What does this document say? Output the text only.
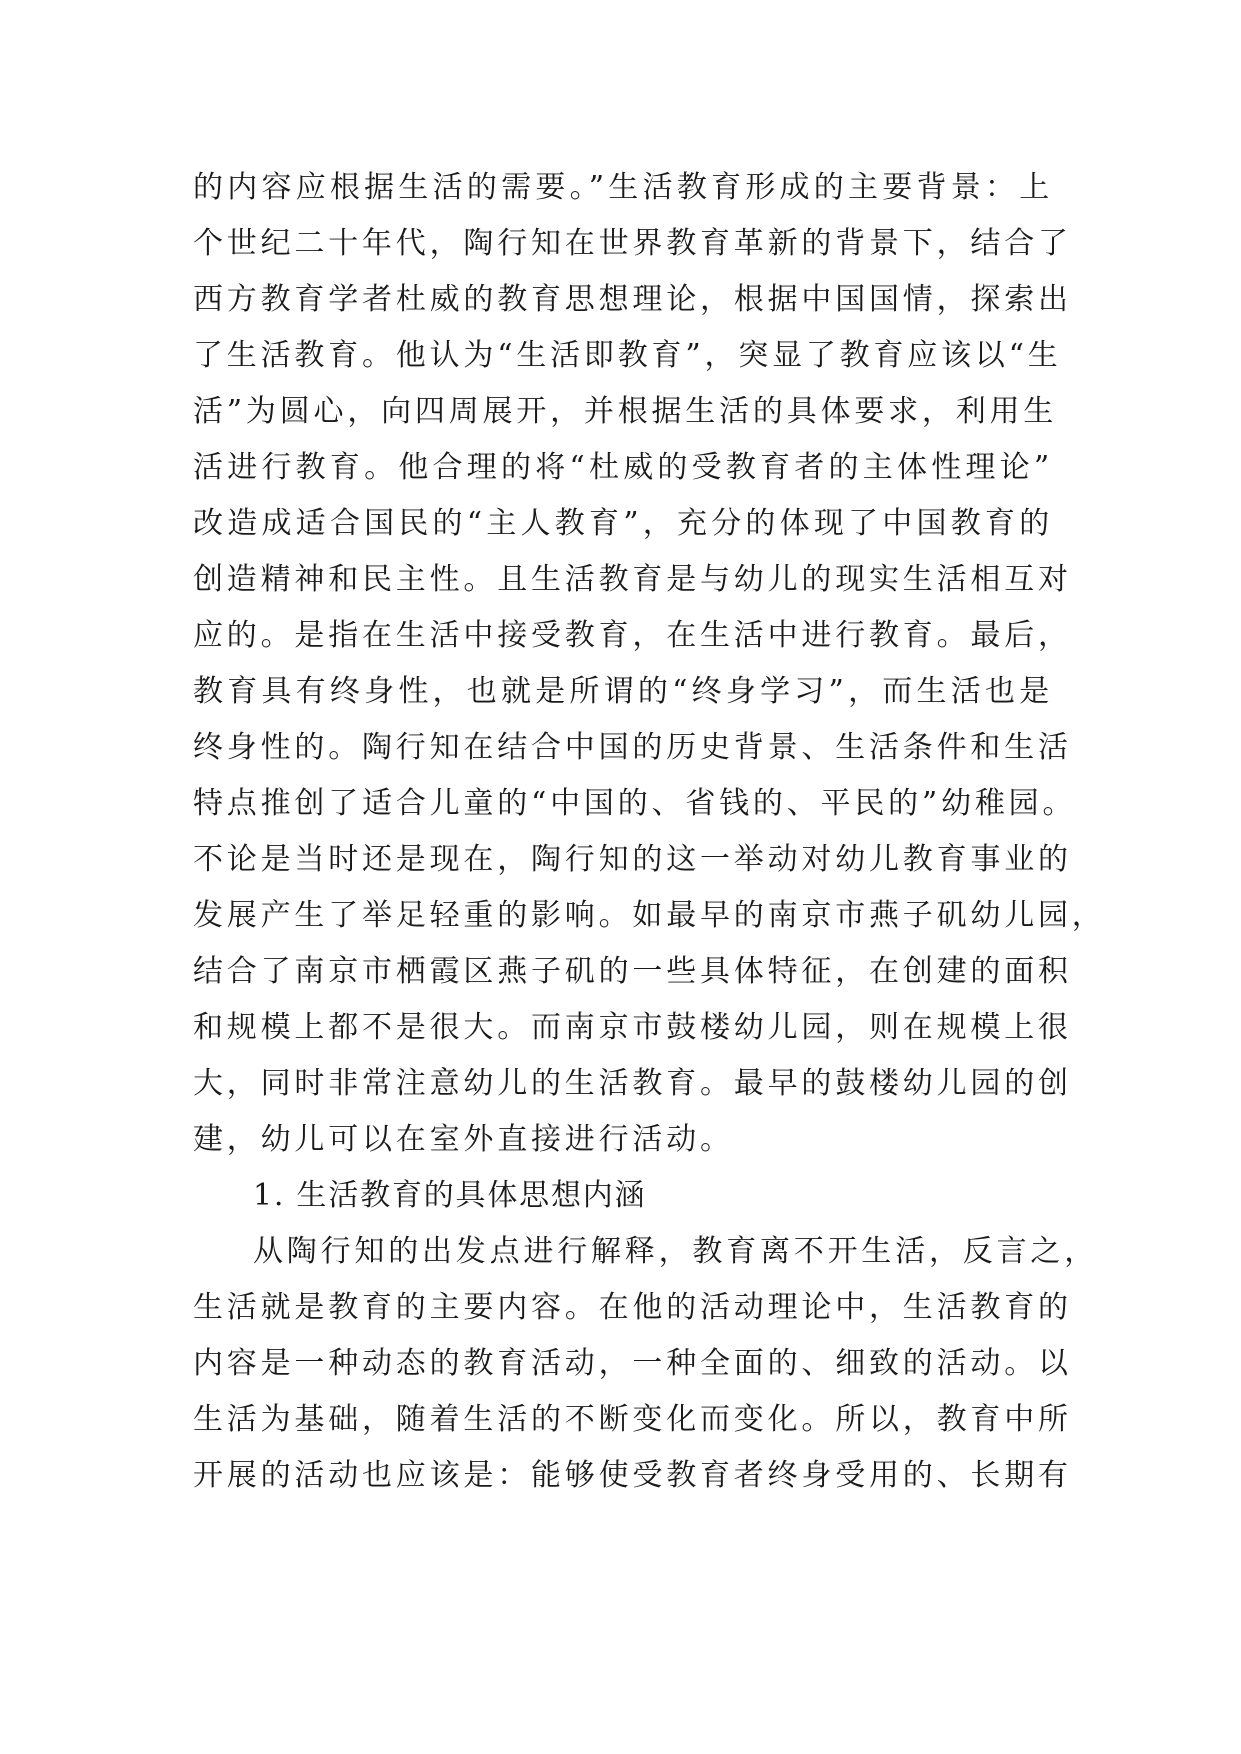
的内容应根据生活的需要。”生活教育形成的主要背景：上
个世纪二十年代，陶行知在世界教育革新的背景下，结合了
西方教育学者杜威的教育思想理论，根据中国国情，探索出
了生活教育。他认为“生活即教育”，突显了教育应该以“生
活”为圆心，向四周展开，并根据生活的具体要求，利用生
活进行教育。他合理的将“杜威的受教育者的主体性理论”
改造成适合国民的“主人教育”，充分的体现了中国教育的
创造精神和民主性。且生活教育是与幼儿的现实生活相互对
应的。是指在生活中接受教育，在生活中进行教育。最后，
教育具有终身性，也就是所谓的“终身学习”，而生活也是
终身性的。陶行知在结合中国的历史背景、生活条件和生活
特点推创了适合儿童的“中国的、省钱的、平民的”幼稚园。
不论是当时还是现在，陶行知的这一举动对幼儿教育事业的
发展产生了举足轻重的影响。如最早的南京市燕子矶幼儿园，
结合了南京市栖霞区燕子矶的一些具体特征，在创建的面积
和规模上都不是很大。而南京市鼓楼幼儿园，则在规模上很
大，同时非常注意幼儿的生活教育。最早的鼓楼幼儿园的创
建，幼儿可以在室外直接进行活动。
1. 生活教育的具体思想内涵
从陶行知的出发点进行解释，教育离不开生活，反言之，
生活就是教育的主要内容。在他的活动理论中，生活教育的
内容是一种动态的教育活动，一种全面的、细致的活动。以
生活为基础，随着生活的不断变化而变化。所以，教育中所
开展的活动也应该是：能够使受教育者终身受用的、长期有
